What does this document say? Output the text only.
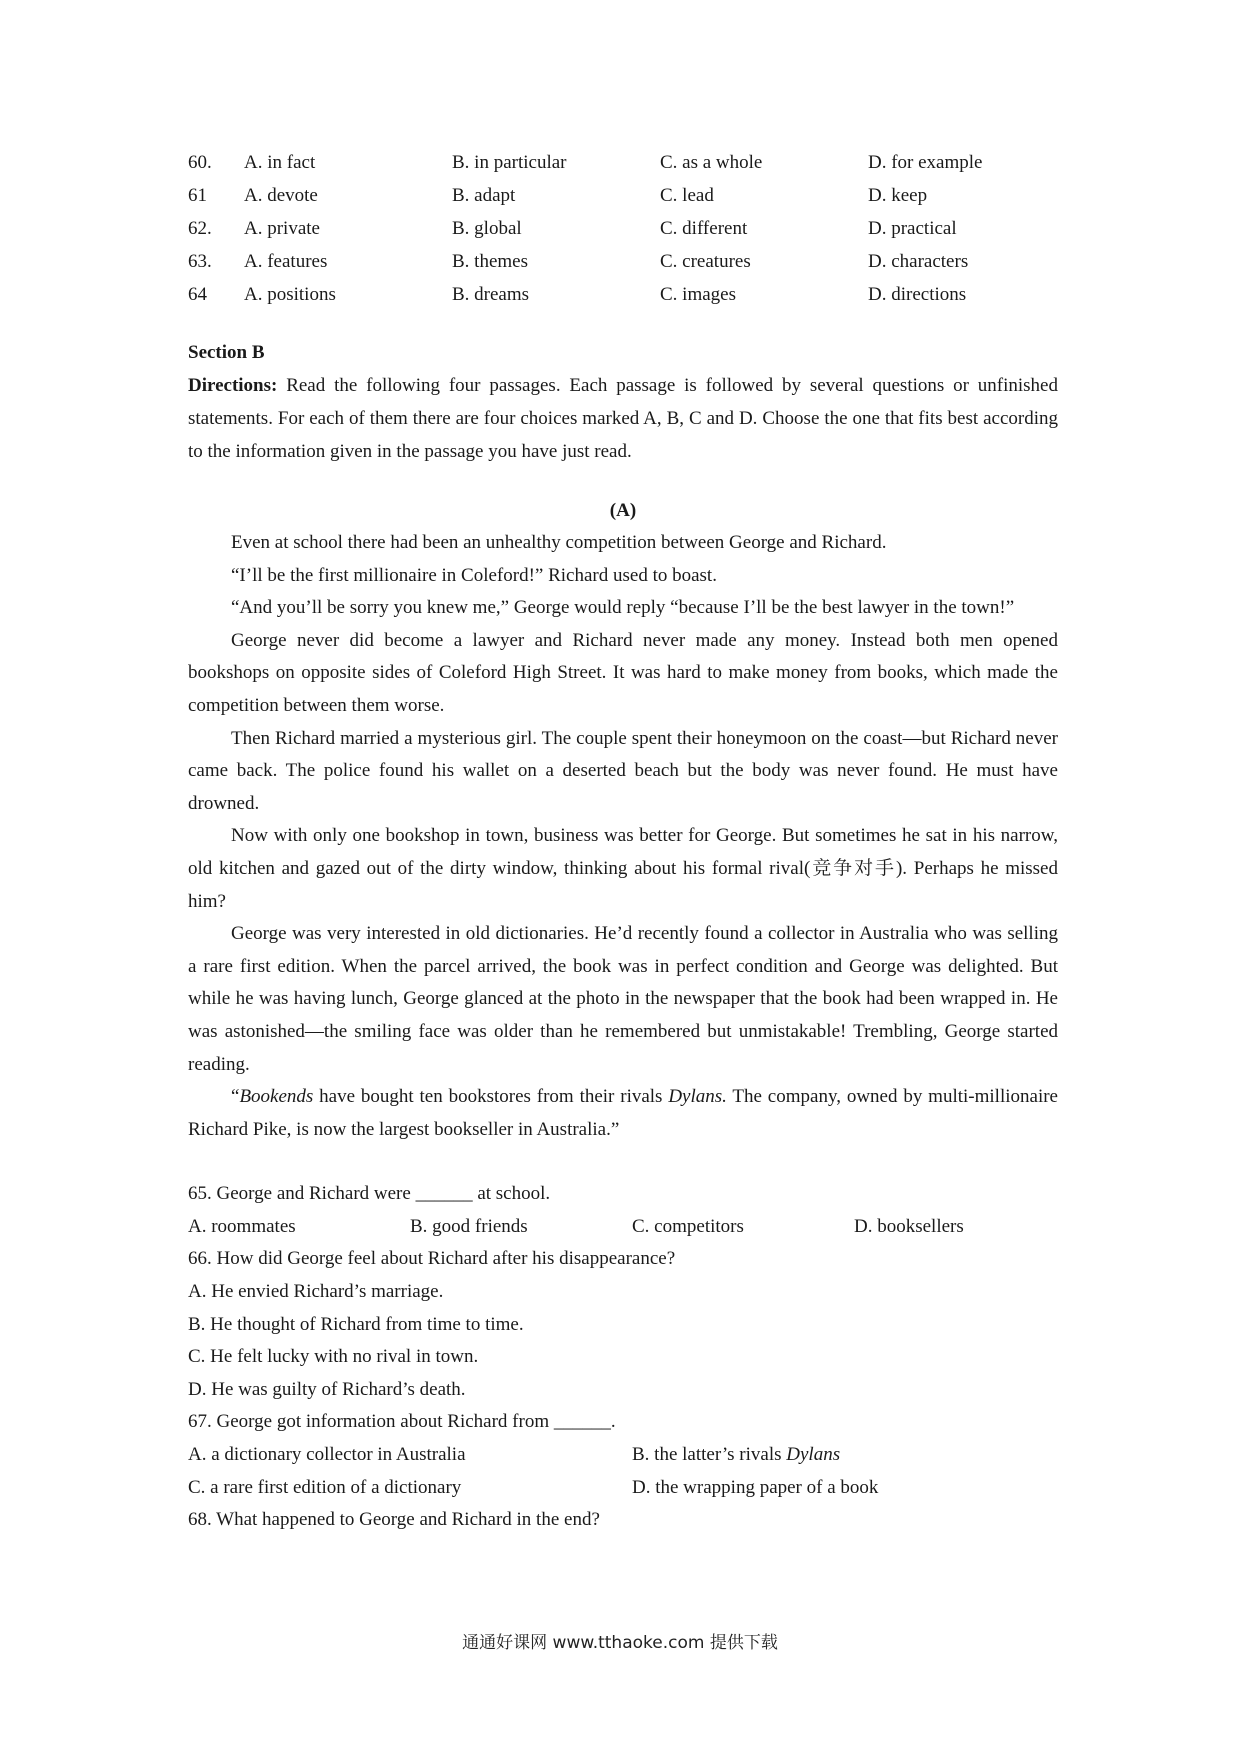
60.	A. in fact	B. in particular	C. as a whole	D. for example
61	A. devote	B. adapt	C. lead	D. keep
62.	A. private	B. global	C. different	D. practical
63.	A. features	B. themes	C. creatures	D. characters
64	A. positions	B. dreams	C. images	D. directions
Section B
Directions: Read the following four passages. Each passage is followed by several questions or unfinished statements. For each of them there are four choices marked A, B, C and D. Choose the one that fits best according to the information given in the passage you have just read.
(A)

Even at school there had been an unhealthy competition between George and Richard.

“I’ll be the first millionaire in Coleford!” Richard used to boast.

“And you’ll be sorry you knew me,” George would reply “because I’ll be the best lawyer in the town!”

George never did become a lawyer and Richard never made any money. Instead both men opened bookshops on opposite sides of Coleford High Street. It was hard to make money from books, which made the competition between them worse.

Then Richard married a mysterious girl. The couple spent their honeymoon on the coast—but Richard never came back. The police found his wallet on a deserted beach but the body was never found. He must have drowned.

Now with only one bookshop in town, business was better for George. But sometimes he sat in his narrow, old kitchen and gazed out of the dirty window, thinking about his formal rival(竞争对手). Perhaps he missed him?

George was very interested in old dictionaries. He’d recently found a collector in Australia who was selling a rare first edition. When the parcel arrived, the book was in perfect condition and George was delighted. But while he was having lunch, George glanced at the photo in the newspaper that the book had been wrapped in. He was astonished—the smiling face was older than he remembered but unmistakable! Trembling, George started reading.

“Bookends have bought ten bookstores from their rivals Dylans. The company, owned by multi-millionaire Richard Pike, is now the largest bookseller in Australia.”

65. George and Richard were ______ at school.
A. roommates	B. good friends	C. competitors	D. booksellers
66. How did George feel about Richard after his disappearance?
A. He envied Richard’s marriage.
B. He thought of Richard from time to time.
C. He felt lucky with no rival in town.
D. He was guilty of Richard’s death.
67. George got information about Richard from ______.
A. a dictionary collector in Australia	B. the latter’s rivals Dylans
C. a rare first edition of a dictionary	D. the wrapping paper of a book
68. What happened to George and Richard in the end?
通通好课网 www.tthaoke.com 提供下载
